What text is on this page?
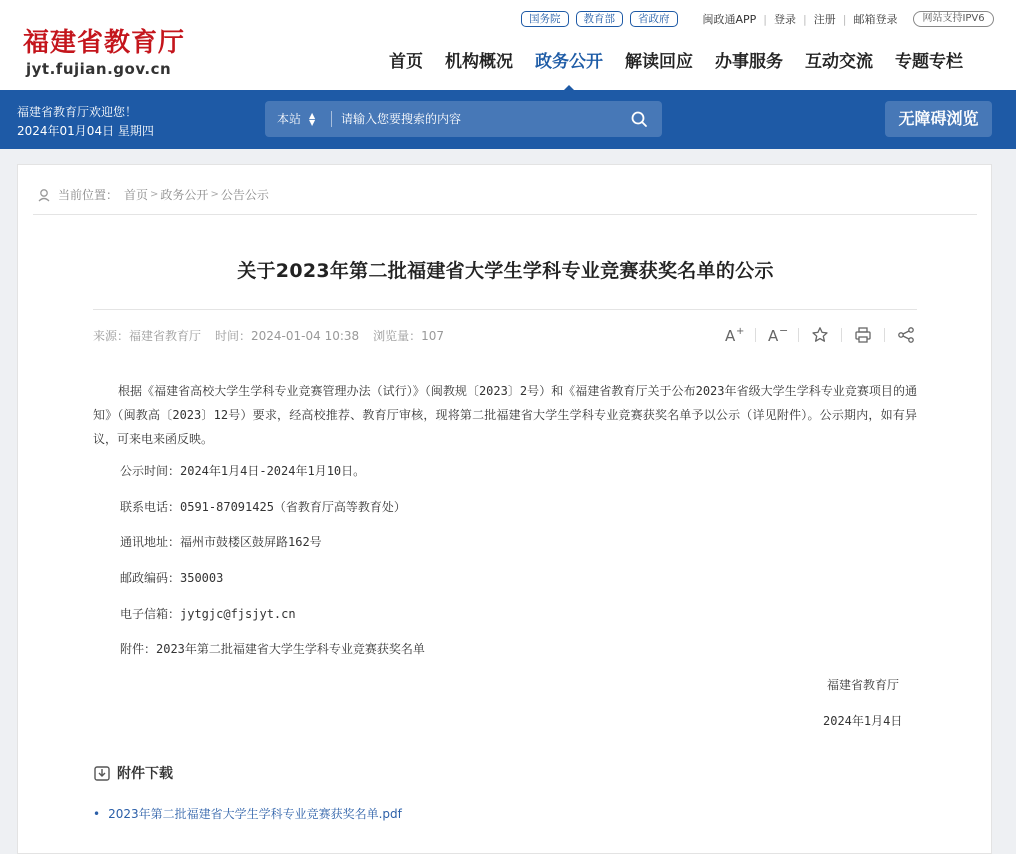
福建省教育厅
jyt.fujian.gov.cn
国务院	教育部	省政府	闽政通APP | 登录 | 注册 | 邮箱登录	网站支持IPV6
首页 机构概况 政务公开 解读回应 办事服务 互动交流 专题专栏
福建省教育厅欢迎您！
2024年01月04日 星期四
本站 ▲
▼
请输入您要搜索的内容	无障碍浏览
当前位置： 首页 > 政务公开 > 公告公示
关于2023年第二批福建省大学生学科专业竞赛获奖名单的公示
来源：福建省教育厅 时间：2024-01-04 10:38 浏览量：107	A + A −

根据《福建省高校大学生学科专业竞赛管理办法（试行）》（闽教规〔2023〕2号）和《福建省教育厅关于公布2023年省级大学生学科专业竞赛项目的通知》（闽教高〔2023〕12号）要求，经高校推荐、教育厅审核，现将第二批福建省大学生学科专业竞赛获奖名单予以公示（详见附件）。公示期内，如有异议，可来电来函反映。

公示时间：2024年1月4日-2024年1月10日。
联系电话：0591-87091425（省教育厅高等教育处）
通讯地址：福州市鼓楼区鼓屏路162号
邮政编码：350003
电子信箱：jytgjc@fjsjyt.cn
附件：2023年第二批福建省大学生学科专业竞赛获奖名单
福建省教育厅
2024年1月4日
附件下载
• 2023年第二批福建省大学生学科专业竞赛获奖名单.pdf
